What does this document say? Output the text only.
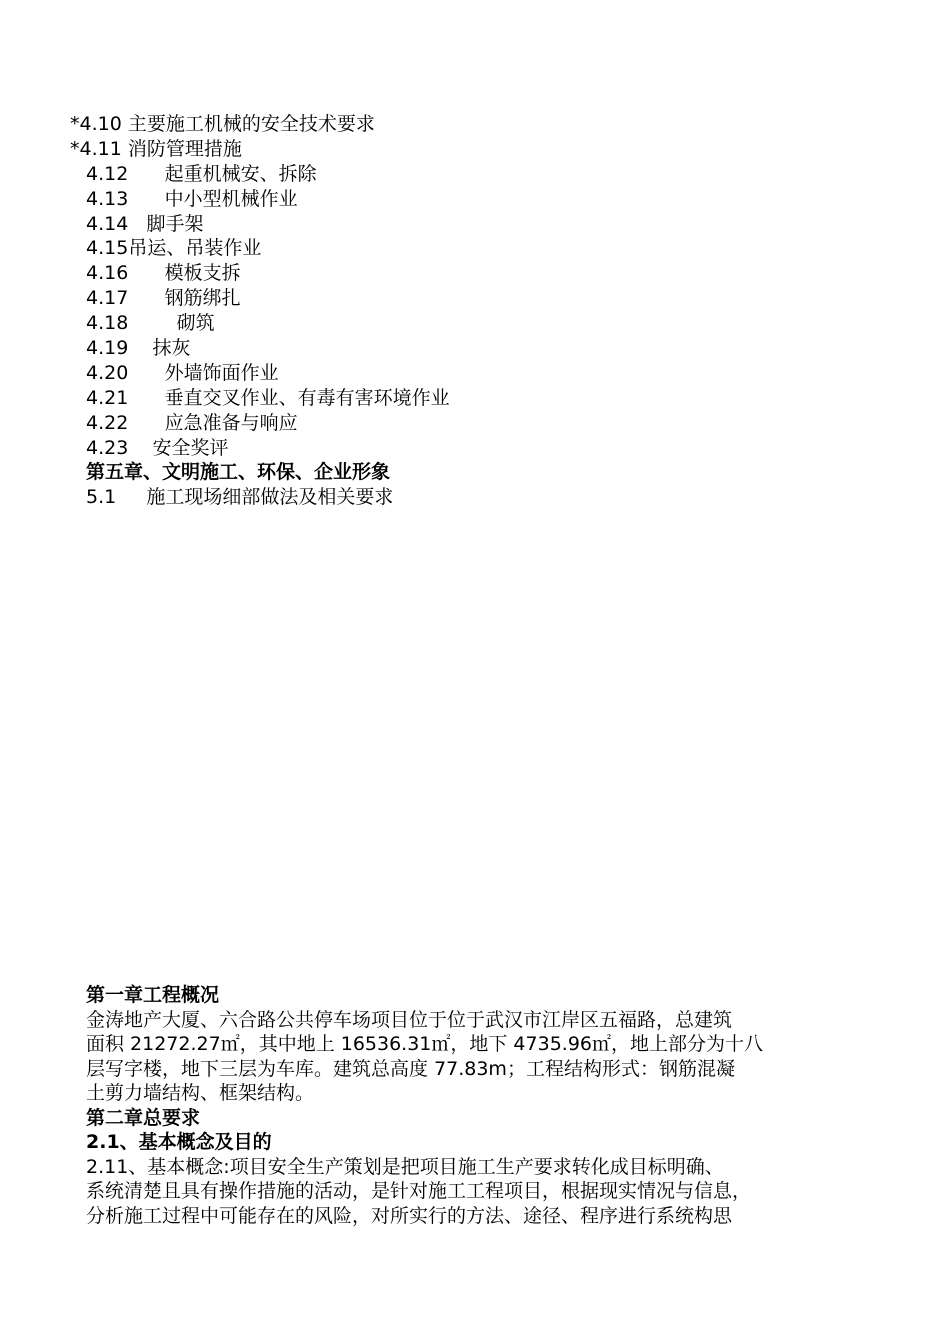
*4.10 主要施工机械的安全技术要求
*4.11 消防管理措施
4.12 起重机械安、拆除
4.13 中小型机械作业
4.14 脚手架
4.15吊运、吊装作业
4.16 模板支拆
4.17 钢筋绑扎
4.18	砌筑
4.19 抹灰
4.20 外墙饰面作业
4.21 垂直交叉作业、有毒有害环境作业
4.22 应急准备与响应
4.23 安全奖评
第五章、文明施工、环保、企业形象
5.1 施工现场细部做法及相关要求
第一章工程概况
金涛地产大厦、六合路公共停车场项目位于位于武汉市江岸区五福路，总建筑
面积 21272.27㎡，其中地上 16536.31㎡，地下 4735.96㎡，地上部分为十八
层写字楼，地下三层为车库。建筑总高度 77.83m；工程结构形式：钢筋混凝
土剪力墙结构、框架结构。
第二章总要求
2.1、基本概念及目的
2.11、基本概念:项目安全生产策划是把项目施工生产要求转化成目标明确、
系统清楚且具有操作措施的活动，是针对施工工程项目，根据现实情况与信息，
分析施工过程中可能存在的风险，对所实行的方法、途径、程序进行系统构思
